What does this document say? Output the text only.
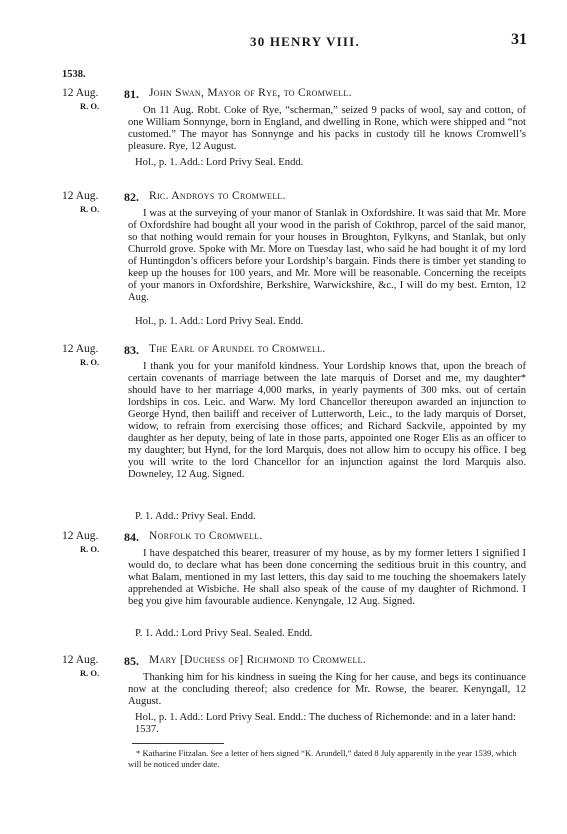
​
30 HENRY VIII.	31
1538.
12 Aug.
R. O.
81. John Swan, Mayor of Rye, to Cromwell.

On 11 Aug. Robt. Coke of Rye, “scherman,” seized 9 packs of wool, say and cotton, of one William Sonnynge, born in England, and dwelling in Rone, which were shipped and “not customed.” The mayor has Sonnynge and his packs in custody till he knows Cromwell’s pleasure. Rye, 12 August.

Hol., p. 1. Add.: Lord Privy Seal. Endd.

12 Aug.
R. O.
82. Ric. Androys to Cromwell.

I was at the surveying of your manor of Stanlak in Oxfordshire. It was said that Mr. More of Oxfordshire had bought all your wood in the parish of Cokthrop, parcel of the said manor, so that nothing would remain for your houses in Broughton, Fylkyns, and Stanlak, but only Churrold grove. Spoke with Mr. More on Tuesday last, who said he had bought it of my lord of Huntingdon’s officers before your Lordship’s bargain. Finds there is timber yet standing to keep up the houses for 100 years, and Mr. More will be reasonable. Concerning the receipts of your manors in Oxfordshire, Berkshire, Warwickshire, &c., I will do my best. Ernton, 12 Aug.

Hol., p. 1. Add.: Lord Privy Seal. Endd.

12 Aug.
R. O.
83. The Earl of Arundel to Cromwell.

I thank you for your manifold kindness. Your Lordship knows that, upon the breach of certain covenants of marriage between the late marquis of Dorset and me, my daughter* should have to her marriage 4,000 marks, in yearly payments of 300 mks. out of certain lordships in cos. Leic. and Warw. My lord Chancellor thereupon awarded an injunction to George Hynd, then bailiff and receiver of Lutterworth, Leic., to the lady marquis of Dorset, widow, to refrain from exercising those offices; and Richard Sackvile, appointed by my daughter as her deputy, being of late in those parts, appointed one Roger Elis as an officer to my daughter; but Hynd, for the lord Marquis, does not allow him to occupy his office. I beg you will write to the lord Chancellor for an injunction against the lord Marquis also. Downeley, 12 Aug. Signed.

P. 1. Add.: Privy Seal. Endd.

12 Aug.
R. O.
84. Norfolk to Cromwell.

I have despatched this bearer, treasurer of my house, as by my former letters I signified I would do, to declare what has been done concerning the seditious bruit in this country, and what Balam, mentioned in my last letters, this day said to me touching the shoemakers lately apprehended at Wisbiche. He shall also speak of the cause of my daughter of Richmond. I beg you give him favourable audience. Kenyngale, 12 Aug. Signed.

P. 1. Add.: Lord Privy Seal. Sealed. Endd.

12 Aug.
R. O.
85. Mary [Duchess of] Richmond to Cromwell.

Thanking him for his kindness in sueing the King for her cause, and begs its continuance now at the concluding thereof; also credence for Mr. Rowse, the bearer. Kenyngall, 12 August.

Hol., p. 1. Add.: Lord Privy Seal. Endd.: The duchess of Richemonde: and in a later hand: 1537.

* Katharine Fitzalan. See a letter of hers signed “K. Arundell,” dated 8 July apparently in the year 1539, which will be noticed under date.
